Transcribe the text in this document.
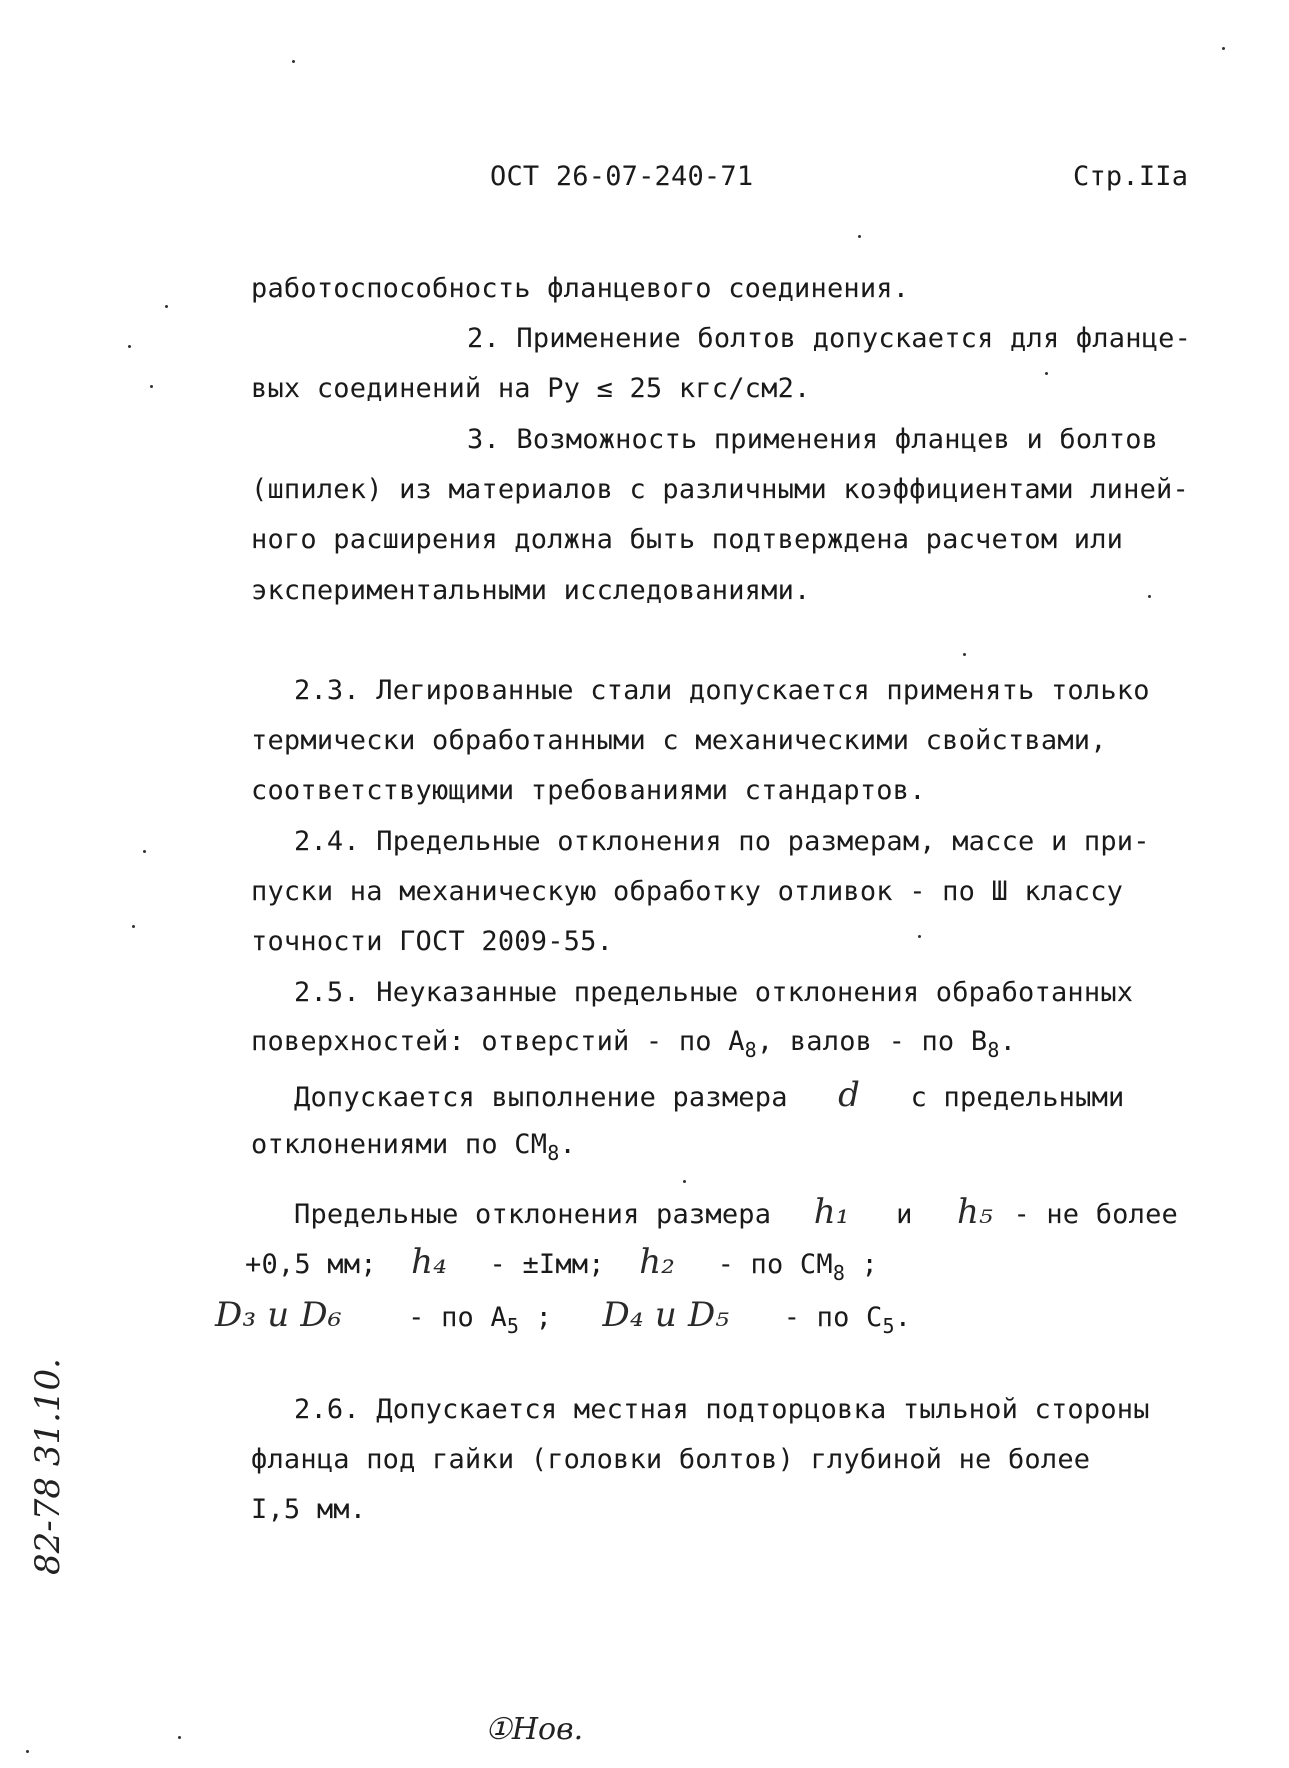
ОСТ 26-07-240-71	Стр.IIа
работоспособность фланцевого соединения.
2. Применение болтов допускается для фланце-
вых соединений на Ру ≤ 25 кгс/см2.
3. Возможность применения фланцев и болтов
(шпилек) из материалов с различными коэффициентами линей-
ного расширения должна быть подтверждена расчетом или
экспериментальными исследованиями.
2.3. Легированные стали допускается применять только
термически обработанными с механическими свойствами,
соответствующими требованиями стандартов.
2.4. Предельные отклонения по размерам, массе и при-
пуски на механическую обработку отливок - по Ш классу
точности ГОСТ 2009-55.
2.5. Неуказанные предельные отклонения обработанных
поверхностей: отверстий - по $А_8$, валов - по $В_8$.
Допускается выполнение размера d с предельными
отклонениями по $СМ_8$.
Предельные отклонения размера h₁ и h₅ - не более
+0,5 мм; h₄ - ±Iмм; h₂ - по $СМ_8$ ;
D₃ и D₆ - по $А_5$ ; D₄ и D₅ - по $С_5$.
2.6. Допускается местная подторцовка тыльной стороны
фланца под гайки (головки болтов) глубиной не более
I,5 мм.
82-78 31.10.
①Нов.
